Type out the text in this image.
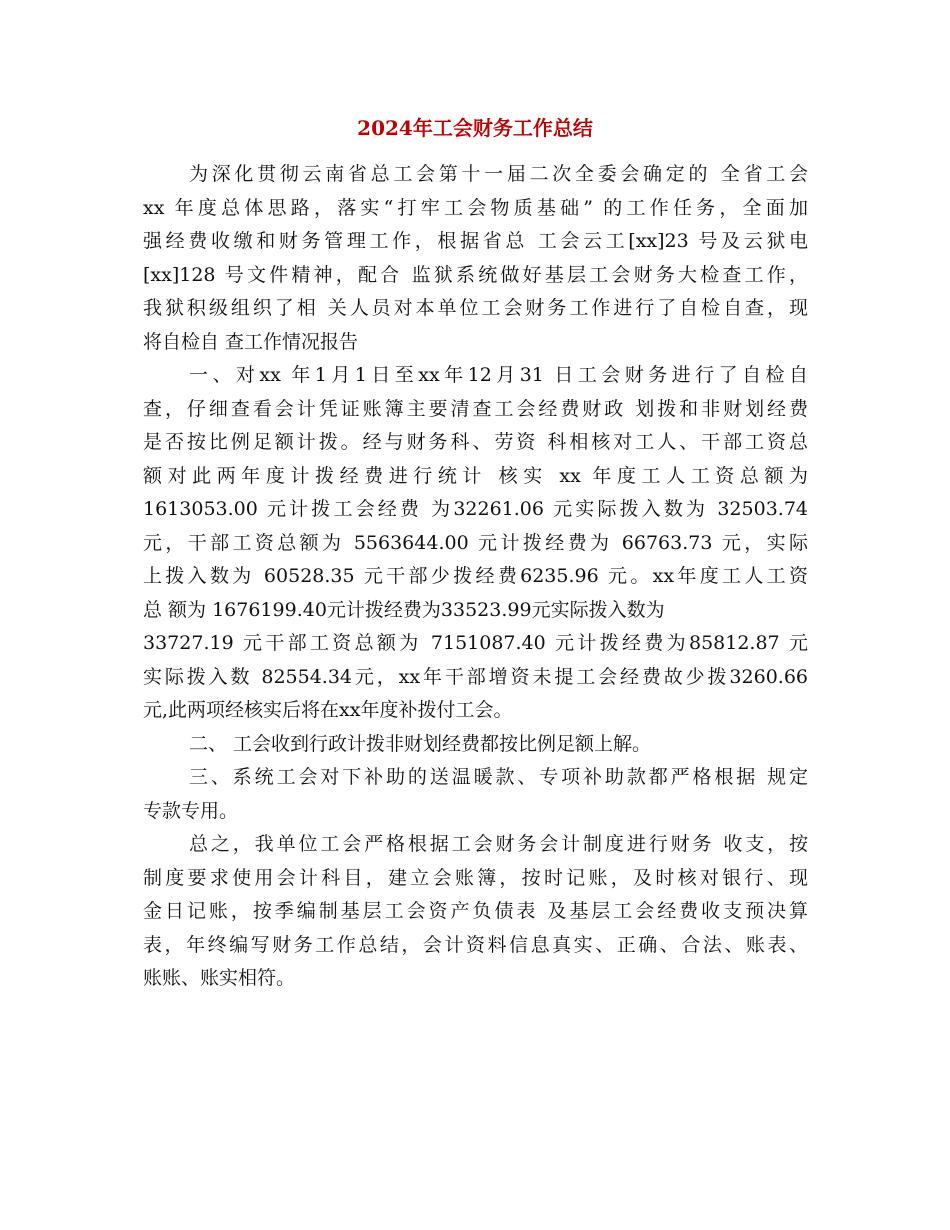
2024年工会财务工作总结
为深化贯彻云南省总工会第十一届二次全委会确定的 全省工会
xx 年度总体思路，落实“打牢工会物质基础” 的工作任务，全面加
强经费收缴和财务管理工作，根据省总 工会云工[xx]23 号及云狱电
[xx]128 号文件精神，配合 监狱系统做好基层工会财务大检查工作，
我狱积级组织了相 关人员对本单位工会财务工作进行了自检自查，现
将自检自 查工作情况报告
一、对xx 年1月1日至xx年12月31 日工会财务进行了自检自
查，仔细查看会计凭证账簿主要清查工会经费财政 划拨和非财划经费
是否按比例足额计拨。经与财务科、劳资 科相核对工人、干部工资总
额对此两年度计拨经费进行统计 核实 xx 年度工人工资总额为
1613053.00 元计拨工会经费 为32261.06 元实际拨入数为 32503.74
元，干部工资总额为 5563644.00 元计拨经费为 66763.73 元，实际
上拨入数为 60528.35 元干部少拨经费6235.96 元。xx年度工人工资
总 额为 1676199.40元计拨经费为33523.99元实际拨入数为
33727.19 元干部工资总额为 7151087.40 元计拨经费为85812.87 元
实际拨入数 82554.34元，xx年干部增资未提工会经费故少拨3260.66
元,此两项经核实后将在xx年度补拨付工会。
二、 工会收到行政计拨非财划经费都按比例足额上解。
三、系统工会对下补助的送温暖款、专项补助款都严格根据 规定
专款专用。
总之，我单位工会严格根据工会财务会计制度进行财务 收支，按
制度要求使用会计科目，建立会账簿，按时记账，及时核对银行、现
金日记账，按季编制基层工会资产负债表 及基层工会经费收支预决算
表，年终编写财务工作总结，会计资料信息真实、正确、合法、账表、
账账、账实相符。
